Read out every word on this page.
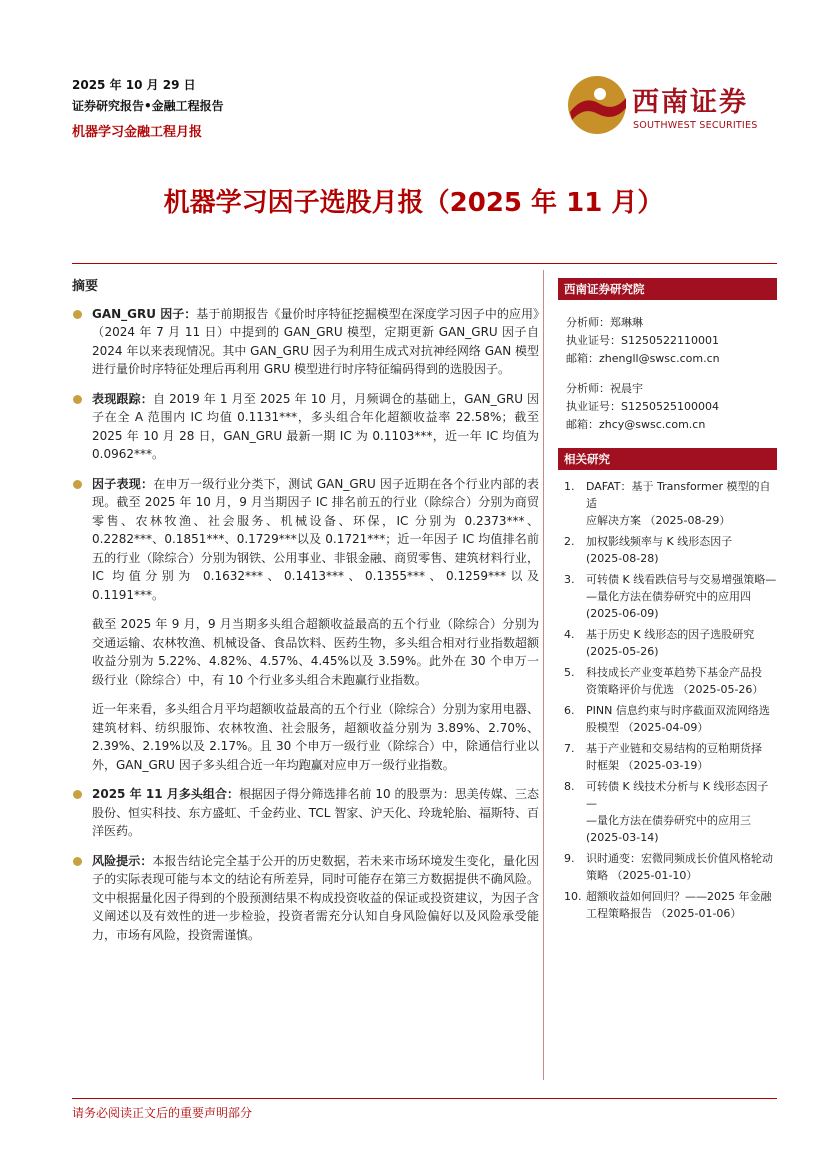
2025 年 10 月 29 日
证券研究报告•金融工程报告
机器学习金融工程月报
西南证券
SOUTHWEST SECURITIES
机器学习因子选股月报（2025 年 11 月）
摘要
GAN_GRU 因子：基于前期报告《量价时序特征挖掘模型在深度学习因子中的应用》（2024 年 7 月 11 日）中提到的 GAN_GRU 模型，定期更新 GAN_GRU 因子自 2024 年以来表现情况。其中 GAN_GRU 因子为利用生成式对抗神经网络 GAN 模型进行量价时序特征处理后再利用 GRU 模型进行时序特征编码得到的选股因子。
表现跟踪：自 2019 年 1 月至 2025 年 10 月，月频调仓的基础上，GAN_GRU 因子在全 A 范围内 IC 均值 0.1131***，多头组合年化超额收益率 22.58%；截至 2025 年 10 月 28 日，GAN_GRU 最新一期 IC 为 0.1103***，近一年 IC 均值为 0.0962***。
因子表现：在申万一级行业分类下，测试 GAN_GRU 因子近期在各个行业内部的表现。截至 2025 年 10 月，9 月当期因子 IC 排名前五的行业（除综合）分别为商贸零售、农林牧渔、社会服务、机械设备、环保，IC 分别为 0.2373***、0.2282***、0.1851***、0.1729***以及 0.1721***；近一年因子 IC 均值排名前五的行业（除综合）分别为钢铁、公用事业、非银金融、商贸零售、建筑材料行业，IC 均值分别为 0.1632***、0.1413***、0.1355***、0.1259***以及 0.1191***。
截至 2025 年 9 月，9 月当期多头组合超额收益最高的五个行业（除综合）分别为交通运输、农林牧渔、机械设备、食品饮料、医药生物，多头组合相对行业指数超额收益分别为 5.22%、4.82%、4.57%、4.45%以及 3.59%。此外在 30 个申万一级行业（除综合）中，有 10 个行业多头组合未跑赢行业指数。
近一年来看，多头组合月平均超额收益最高的五个行业（除综合）分别为家用电器、建筑材料、纺织服饰、农林牧渔、社会服务，超额收益分别为 3.89%、2.70%、2.39%、2.19%以及 2.17%。且 30 个申万一级行业（除综合）中，除通信行业以外，GAN_GRU 因子多头组合近一年均跑赢对应申万一级行业指数。
2025 年 11 月多头组合：根据因子得分筛选排名前 10 的股票为：思美传媒、三态股份、恒实科技、东方盛虹、千金药业、TCL 智家、沪天化、玲珑轮胎、福斯特、百洋医药。
风险提示：本报告结论完全基于公开的历史数据，若未来市场环境发生变化，量化因子的实际表现可能与本文的结论有所差异，同时可能存在第三方数据提供不确风险。文中根据量化因子得到的个股预测结果不构成投资收益的保证或投资建议，为因子含义阐述以及有效性的进一步检验，投资者需充分认知自身风险偏好以及风险承受能力，市场有风险，投资需谨慎。
西南证券研究院
分析师：郑琳琳
执业证号：S1250522110001
邮箱：zhengll@swsc.com.cn
分析师：祝晨宇
执业证号：S1250525100004
邮箱：zhcy@swsc.com.cn
相关研究
1. DAFAT：基于 Transformer 模型的自适
应解决方案 （2025-08-29）
2. 加权影线频率与 K 线形态因子
(2025-08-28)
3. 可转债 K 线看跌信号与交易增强策略—
—量化方法在债券研究中的应用四
(2025-06-09)
4. 基于历史 K 线形态的因子选股研究
(2025-05-26)
5. 科技成长产业变革趋势下基金产品投
资策略评价与优选 （2025-05-26）
6. PINN 信息约束与时序截面双流网络选
股模型 （2025-04-09）
7. 基于产业链和交易结构的豆粕期货择
时框架 （2025-03-19）
8. 可转债 K 线技术分析与 K 线形态因子—
—量化方法在债券研究中的应用三
(2025-03-14)
9. 识时通变：宏微同频成长价值风格轮动
策略 （2025-01-10）
10. 超额收益如何回归？——2025 年金融
工程策略报告 （2025-01-06）
请务必阅读正文后的重要声明部分
